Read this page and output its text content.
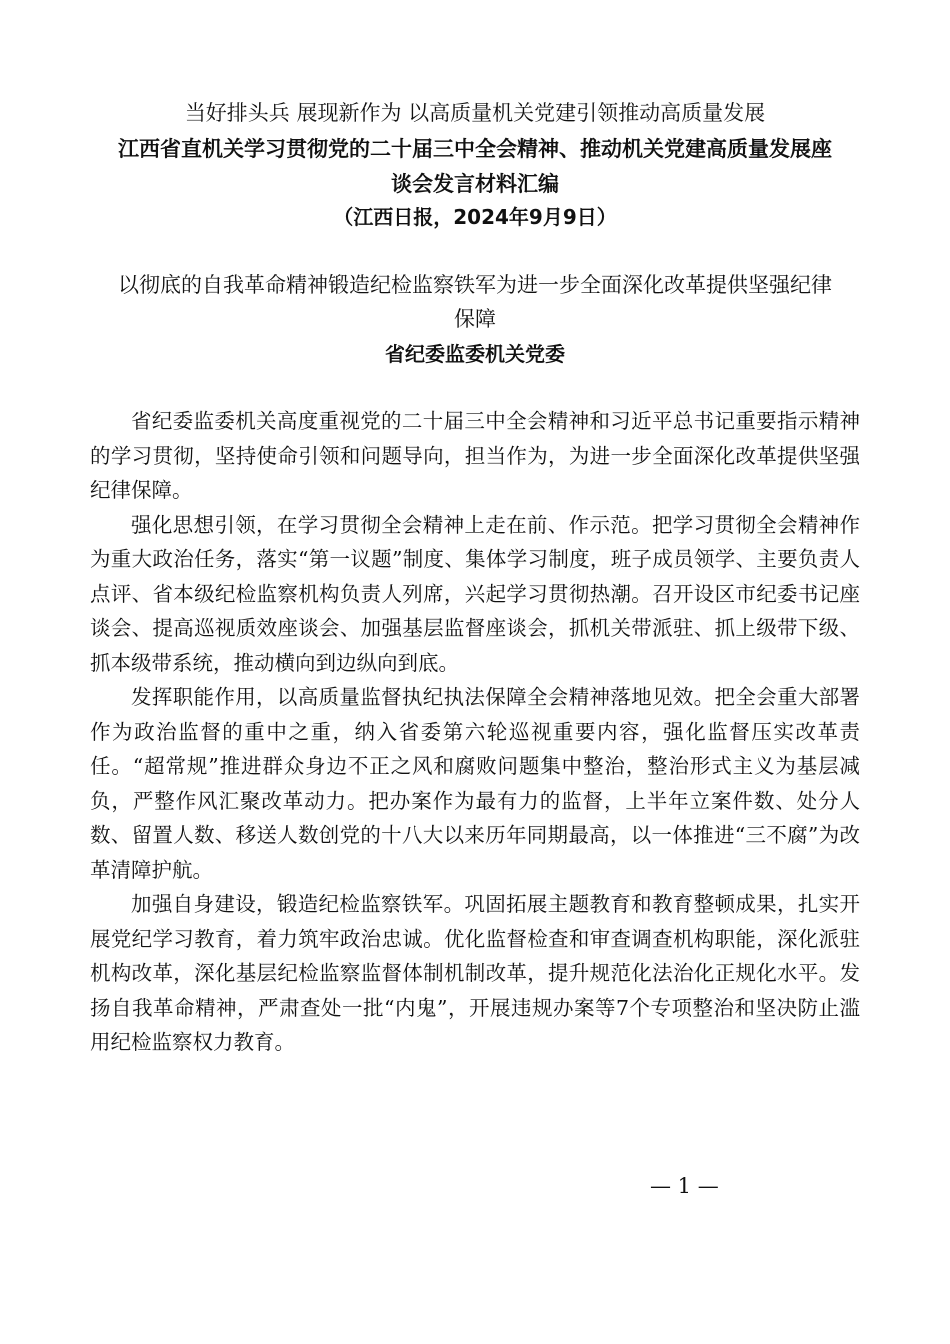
当好排头兵 展现新作为 以高质量机关党建引领推动高质量发展
江西省直机关学习贯彻党的二十届三中全会精神、推动机关党建高质量发展座
谈会发言材料汇编
（江西日报，2024年9月9日）
以彻底的自我革命精神锻造纪检监察铁军为进一步全面深化改革提供坚强纪律
保障
省纪委监委机关党委

省纪委监委机关高度重视党的二十届三中全会精神和习近平总书记重要指示精神的学习贯彻，坚持使命引领和问题导向，担当作为，为进一步全面深化改革提供坚强纪律保障。

强化思想引领，在学习贯彻全会精神上走在前、作示范。把学习贯彻全会精神作为重大政治任务，落实“第一议题”制度、集体学习制度，班子成员领学、主要负责人点评、省本级纪检监察机构负责人列席，兴起学习贯彻热潮。召开设区市纪委书记座谈会、提高巡视质效座谈会、加强基层监督座谈会，抓机关带派驻、抓上级带下级、抓本级带系统，推动横向到边纵向到底。

发挥职能作用，以高质量监督执纪执法保障全会精神落地见效。把全会重大部署作为政治监督的重中之重，纳入省委第六轮巡视重要内容，强化监督压实改革责任。“超常规”推进群众身边不正之风和腐败问题集中整治，整治形式主义为基层减负，严整作风汇聚改革动力。把办案作为最有力的监督，上半年立案件数、处分人数、留置人数、移送人数创党的十八大以来历年同期最高，以一体推进“三不腐”为改革清障护航。

加强自身建设，锻造纪检监察铁军。巩固拓展主题教育和教育整顿成果，扎实开展党纪学习教育，着力筑牢政治忠诚。优化监督检查和审查调查机构职能，深化派驻机构改革，深化基层纪检监察监督体制机制改革，提升规范化法治化正规化水平。发扬自我革命精神，严肃查处一批“内鬼”，开展违规办案等7个专项整治和坚决防止滥用纪检监察权力教育。

— 1 —
